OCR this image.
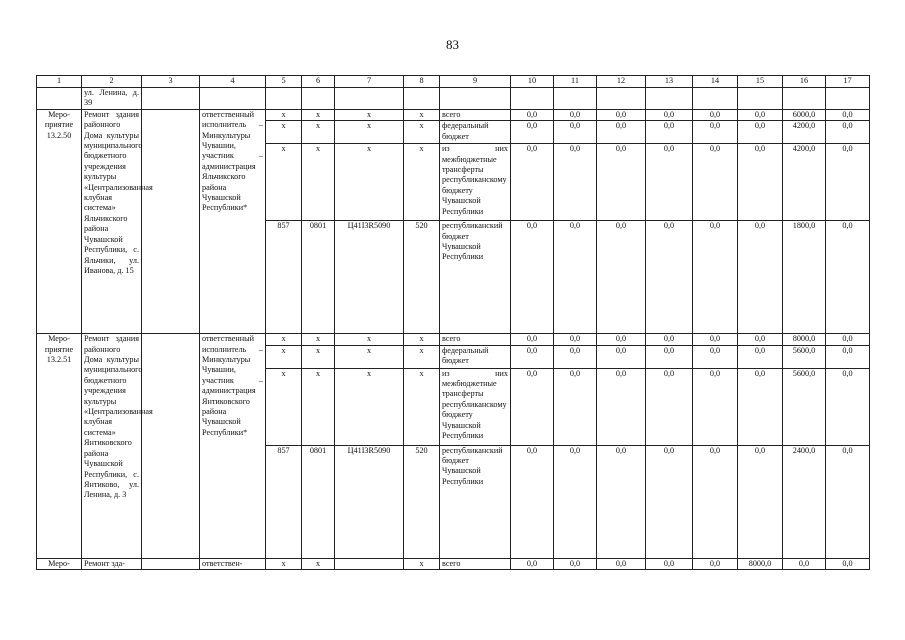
83
1	2	3	4	5	6	7	8	9	10	11	12	13	14	15	16	17
	ул. Ленина, д. 39															
Меро-приятие 13.2.50	Ремонт здания районного Дома культуры муниципального бюджетного учреждения культуры «Централизованная клубная система» Яльчикского района Чувашской Республики, с. Яльчики, ул. Иванова, д. 15		ответственный исполнитель – Минкультуры Чувашии, участник – администрация Яльчикского района Чувашской Республики*	x	x	x	x	всего	0,0	0,0	0,0	0,0	0,0	0,0	6000,0	0,0
				x	x	x	x	федеральный бюджет	0,0	0,0	0,0	0,0	0,0	0,0	4200,0	0,0
				x	x	x	x	из них межбюджетные трансферты республиканскому бюджету Чувашской Республики	0,0	0,0	0,0	0,0	0,0	0,0	4200,0	0,0
				857	0801	Ц41I3R5090	520	республиканский бюджет Чувашской Республики	0,0	0,0	0,0	0,0	0,0	0,0	1800,0	0,0
Меро-приятие 13.2.51	Ремонт здания районного Дома культуры муниципального бюджетного учреждения культуры «Централизованная клубная система» Янтиковского района Чувашской Республики, с. Янтиково, ул. Ленина, д. 3		ответственный исполнитель – Минкультуры Чувашии, участник – администрация Янтиковского района Чувашской Республики*	x	x	x	x	всего	0,0	0,0	0,0	0,0	0,0	0,0	8000,0	0,0
				x	x	x	x	федеральный бюджет	0,0	0,0	0,0	0,0	0,0	0,0	5600,0	0,0
				x	x	x	x	из них межбюджетные трансферты республиканскому бюджету Чувашской Республики	0,0	0,0	0,0	0,0	0,0	0,0	5600,0	0,0
				857	0801	Ц41I3R5090	520	республиканский бюджет Чувашской Республики	0,0	0,0	0,0	0,0	0,0	0,0	2400,0	0,0
Меро-	Ремонт зда-		ответствен-	x	x		x	всего	0,0	0,0	0,0	0,0	0,0	8000,0	0,0	0,0
